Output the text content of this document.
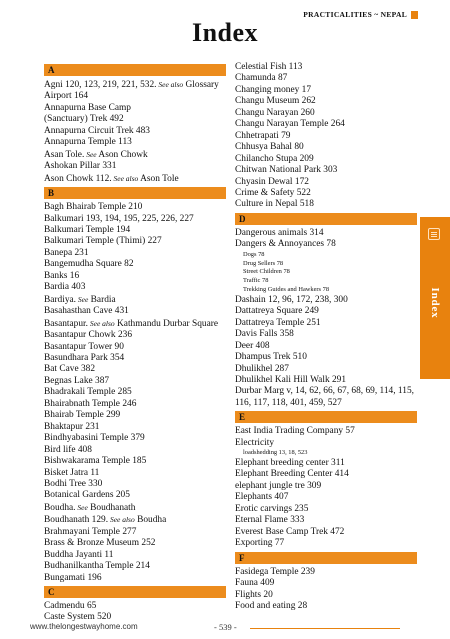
PRACTICALITIES ~ NEPAL
Index
A
Agni 120, 123, 219, 221, 532. See also Glossary
Airport 164
Annapurna Base Camp
(Sanctuary) Trek 492
Annapurna Circuit Trek 483
Annapurna Temple 113
Asan Tole. See Ason Chowk
Ashokan Pillar 331
Ason Chowk 112. See also Ason Tole
B
Bagh Bhairab Temple 210
Balkumari 193, 194, 195, 225, 226, 227
Balkumari Temple 194
Balkumari Temple (Thimi) 227
Banepa 231
Bangemudha Square 82
Banks 16
Bardia 403
Bardiya. See Bardia
Basahasthan Cave 431
Basantapur. See also Kathmandu Durbar Square
Basantapur Chowk 236
Basantapur Tower 90
Basundhara Park 354
Bat Cave 382
Begnas Lake 387
Bhadrakali Temple 285
Bhairabnath Temple 246
Bhairab Temple 299
Bhaktapur 231
Bindhyabasini Temple 379
Bird life 408
Bishwakarama Temple 185
Bisket Jatra 11
Bodhi Tree 330
Botanical Gardens 205
Boudha. See Boudhanath
Boudhanath 129. See also Boudha
Brahmayani Temple 277
Brass & Bronze Museum 252
Buddha Jayanti 11
Budhanilkantha Temple 214
Bungamati 196
C
Cadmendu 65
Caste System 520
Celestial Fish 113
Chamunda 87
Changing money 17
Changu Museum 262
Changu Narayan 260
Changu Narayan Temple 264
Chhetrapati 79
Chhusya Bahal 80
Chilancho Stupa 209
Chitwan National Park 303
Chyasin Dewal 172
Crime & Safety 522
Culture in Nepal 518
D
Dangerous animals 314
Dangers & Annoyances 78
Dogs 78
Drug Sellers 78
Street Children 78
Traffic 78
Trekking Guides and Hawkers 78
Dashain 12, 96, 172, 238, 300
Dattatreya Square 249
Dattatreya Temple 251
Davis Falls 358
Deer 408
Dhampus Trek 510
Dhulikhel 287
Dhulikhel Kali Hill Walk 291
Durbar Marg v, 14, 62, 66, 67, 68, 69, 114, 115,
116, 117, 118, 401, 459, 527
E
East India Trading Company 57
Electricity
loadshedding 13, 18, 523
Elephant breeding center 311
Elephant Breeding Center 414
elephant jungle tre 309
Elephants 407
Erotic carvings 235
Eternal Flame 333
Everest Base Camp Trek 472
Exporting 77
F
Fasidega Temple 239
Fauna 409
Flights 20
Food and eating 28
Index
www.thelongestwayhome.com	- 539 -
